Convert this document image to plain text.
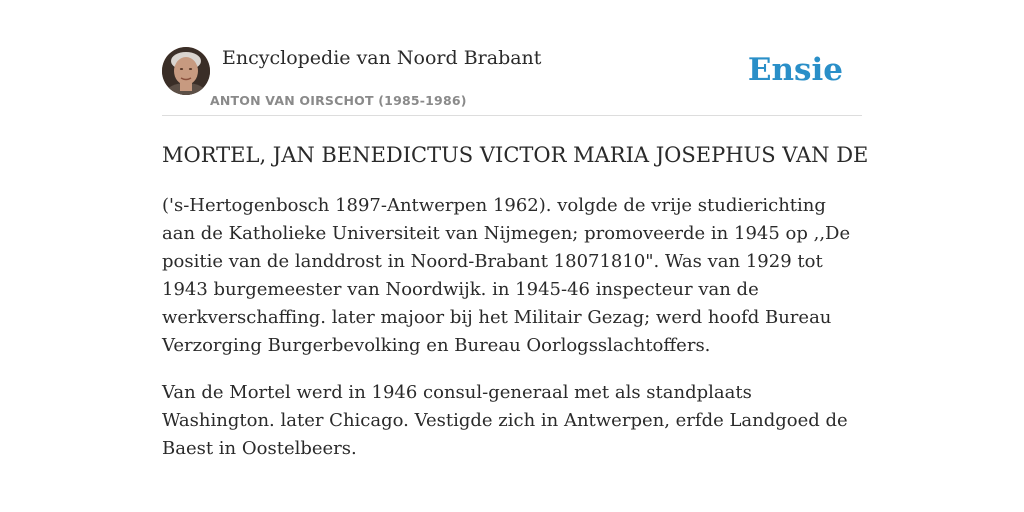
Encyclopedie van Noord Brabant
ANTON VAN OIRSCHOT (1985-1986)
Ensie
MORTEL, JAN BENEDICTUS VICTOR MARIA JOSEPHUS VAN DE

('s-Hertogenbosch 1897-Antwerpen 1962). volgde de vrije studierichting aan de Katholieke Universiteit van Nijmegen; promoveerde in 1945 op ,,De positie van de landdrost in Noord-Brabant 18071810". Was van 1929 tot 1943 burgemeester van Noordwijk. in 1945-46 inspecteur van de werkverschaffing. later majoor bij het Militair Gezag; werd hoofd Bureau Verzorging Burgerbevolking en Bureau Oorlogsslachtoffers.

Van de Mortel werd in 1946 consul-generaal met als standplaats Washington. later Chicago. Vestigde zich in Antwerpen, erfde Landgoed de Baest in Oostelbeers.
